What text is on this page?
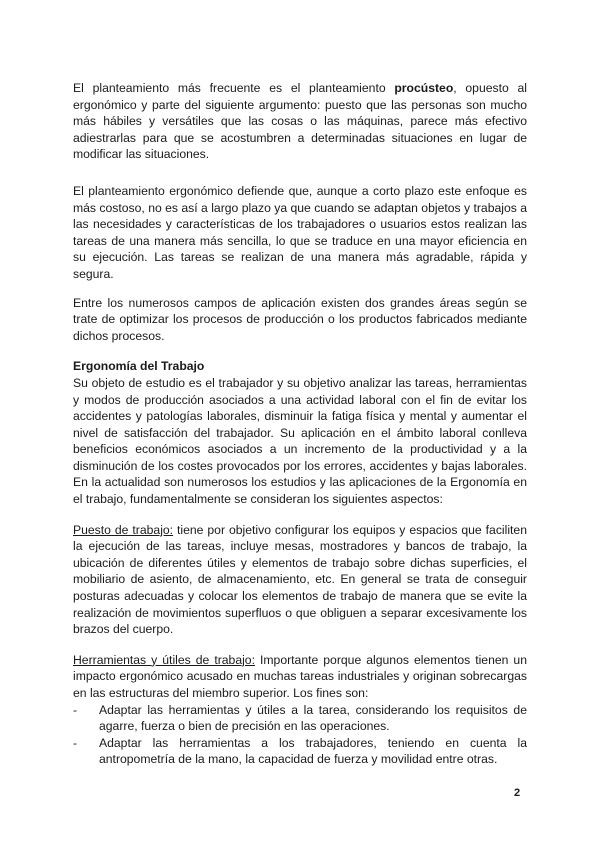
El planteamiento más frecuente es el planteamiento procústeo, opuesto al ergonómico y parte del siguiente argumento: puesto que las personas son mucho más hábiles y versátiles que las cosas o las máquinas, parece más efectivo adiestrarlas para que se acostumbren a determinadas situaciones en lugar de modificar las situaciones.

El planteamiento ergonómico defiende que, aunque a corto plazo este enfoque es más costoso, no es así a largo plazo ya que cuando se adaptan objetos y trabajos a las necesidades y características de los trabajadores o usuarios estos realizan las tareas de una manera más sencilla, lo que se traduce en una mayor eficiencia en su ejecución. Las tareas se realizan de una manera más agradable, rápida y segura.

Entre los numerosos campos de aplicación existen dos grandes áreas según se trate de optimizar los procesos de producción o los productos fabricados mediante dichos procesos.

Ergonomía del Trabajo

Su objeto de estudio es el trabajador y su objetivo analizar las tareas, herramientas y modos de producción asociados a una actividad laboral con el fin de evitar los accidentes y patologías laborales, disminuir la fatiga física y mental y aumentar el nivel de satisfacción del trabajador. Su aplicación en el ámbito laboral conlleva beneficios económicos asociados a un incremento de la productividad y a la disminución de los costes provocados por los errores, accidentes y bajas laborales. En la actualidad son numerosos los estudios y las aplicaciones de la Ergonomía en el trabajo, fundamentalmente se consideran los siguientes aspectos:

Puesto de trabajo: tiene por objetivo configurar los equipos y espacios que faciliten la ejecución de las tareas, incluye mesas, mostradores y bancos de trabajo, la ubicación de diferentes útiles y elementos de trabajo sobre dichas superficies, el mobiliario de asiento, de almacenamiento, etc. En general se trata de conseguir posturas adecuadas y colocar los elementos de trabajo de manera que se evite la realización de movimientos superfluos o que obliguen a separar excesivamente los brazos del cuerpo.

Herramientas y útiles de trabajo: Importante porque algunos elementos tienen un impacto ergonómico acusado en muchas tareas industriales y originan sobrecargas en las estructuras del miembro superior. Los fines son:

- Adaptar las herramientas y útiles a la tarea, considerando los requisitos de agarre, fuerza o bien de precisión en las operaciones.
- Adaptar las herramientas a los trabajadores, teniendo en cuenta la antropometría de la mano, la capacidad de fuerza y movilidad entre otras.
2
